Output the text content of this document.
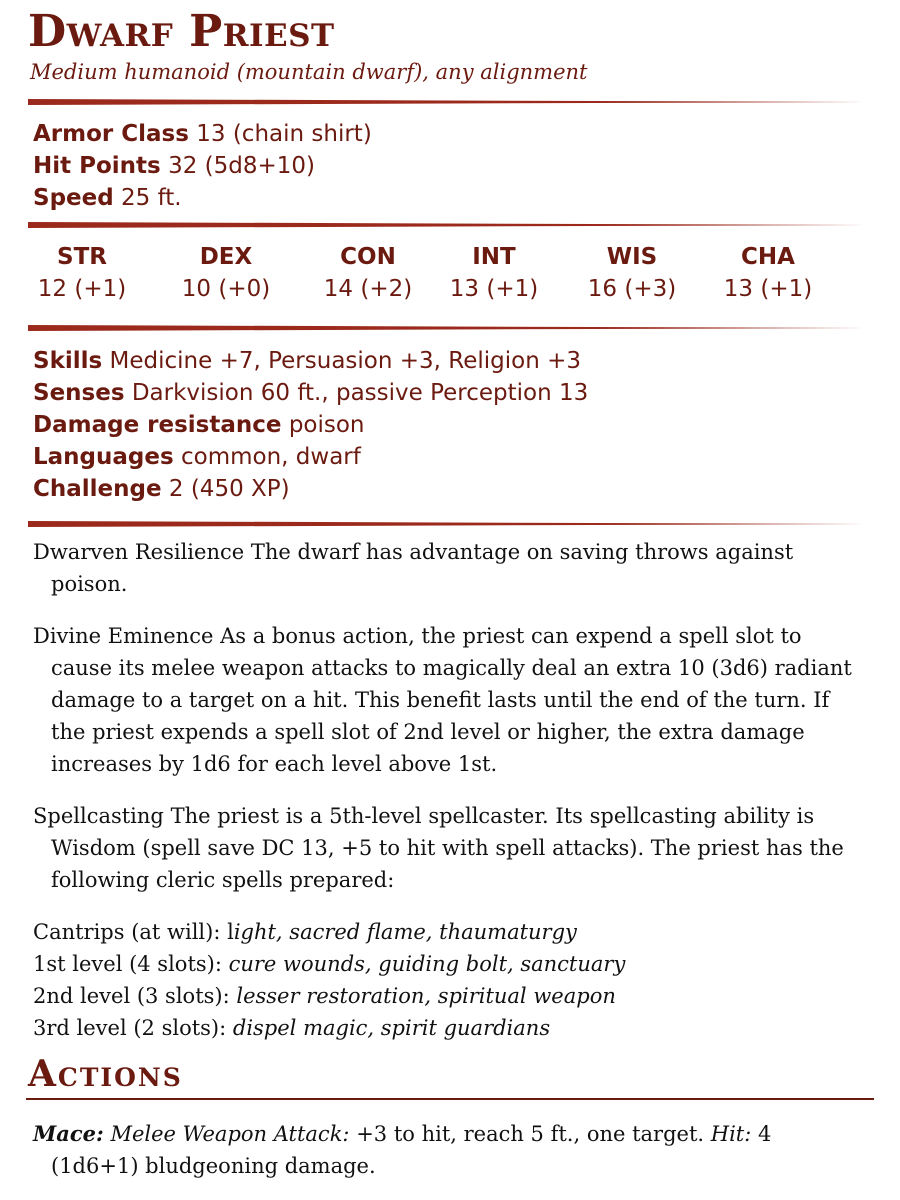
Dwarf Priest

Medium humanoid (mountain dwarf), any alignment

Armor Class 13 (chain shirt)
Hit Points 32 (5d8+10)
Speed 25 ft.
STR
12 (+1)
DEX
10 (+0)
CON
14 (+2)
INT
13 (+1)
WIS
16 (+3)
CHA
13 (+1)
Skills Medicine +7, Persuasion +3, Religion +3
Senses Darkvision 60 ft., passive Perception 13
Damage resistance poison
Languages common, dwarf
Challenge 2 (450 XP)
Dwarven Resilience The dwarf has advantage on saving throws against poison.
Divine Eminence As a bonus action, the priest can expend a spell slot to cause its melee weapon attacks to magically deal an extra 10 (3d6) radiant damage to a target on a hit. This benefit lasts until the end of the turn. If the priest expends a spell slot of 2nd level or higher, the extra damage increases by 1d6 for each level above 1st.
Spellcasting The priest is a 5th-level spellcaster. Its spellcasting ability is Wisdom (spell save DC 13, +5 to hit with spell attacks). The priest has the following cleric spells prepared:
Cantrips (at will): light, sacred flame, thaumaturgy
1st level (4 slots): cure wounds, guiding bolt, sanctuary
2nd level (3 slots): lesser restoration, spiritual weapon
3rd level (2 slots): dispel magic, spirit guardians
Actions
Mace: Melee Weapon Attack: +3 to hit, reach 5 ft., one target. Hit: 4 (1d6+1) bludgeoning damage.
